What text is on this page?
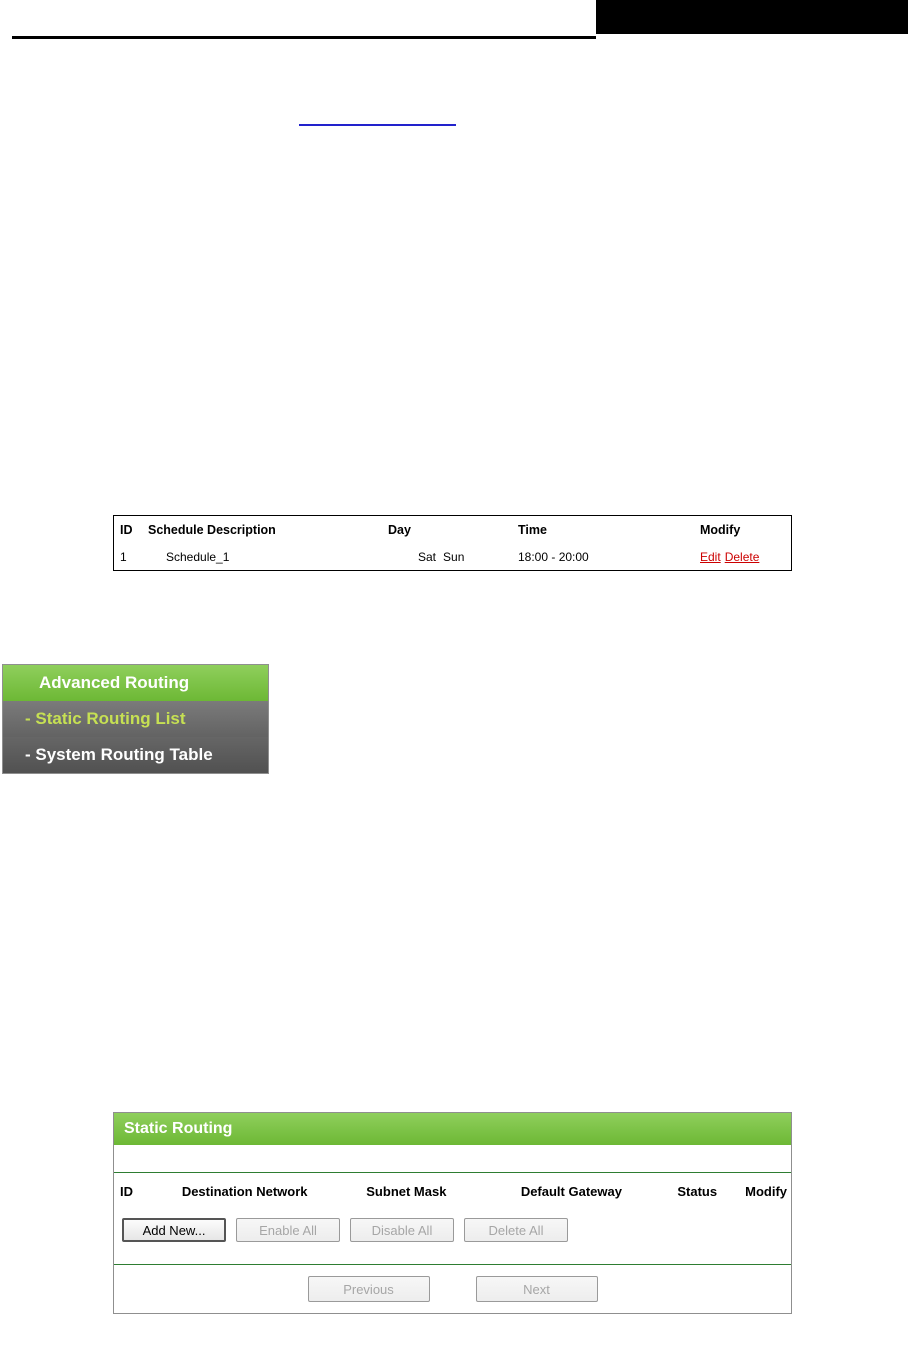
ID	Schedule Description	Day	Time	Modify
1	Schedule_1	Sat Sun	18:00 - 20:00	Edit Delete
Advanced Routing
- Static Routing List
- System Routing Table
Static Routing
ID	Destination Network	Subnet Mask	Default Gateway	Status	Modify
Add New...	Enable All	Disable All	Delete All
Previous	Next
